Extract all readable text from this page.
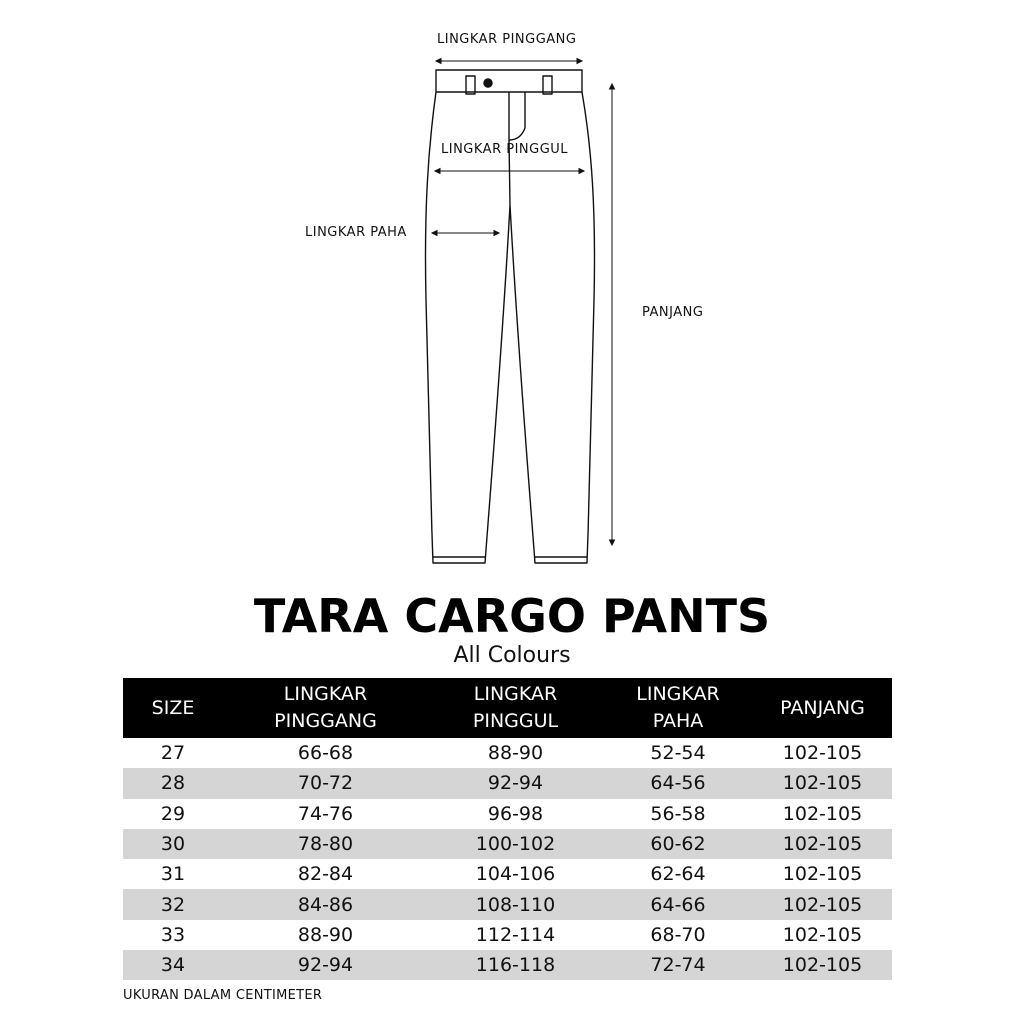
LINGKAR PINGGANG
LINGKAR PINGGUL
LINGKAR PAHA
PANJANG
TARA CARGO PANTS
All Colours
SIZE	LINGKAR PINGGANG	LINGKAR PINGGUL	LINGKAR PAHA	PANJANG
27	66-68	88-90	52-54	102-105
28	70-72	92-94	64-56	102-105
29	74-76	96-98	56-58	102-105
30	78-80	100-102	60-62	102-105
31	82-84	104-106	62-64	102-105
32	84-86	108-110	64-66	102-105
33	88-90	112-114	68-70	102-105
34	92-94	116-118	72-74	102-105
UKURAN DALAM CENTIMETER
